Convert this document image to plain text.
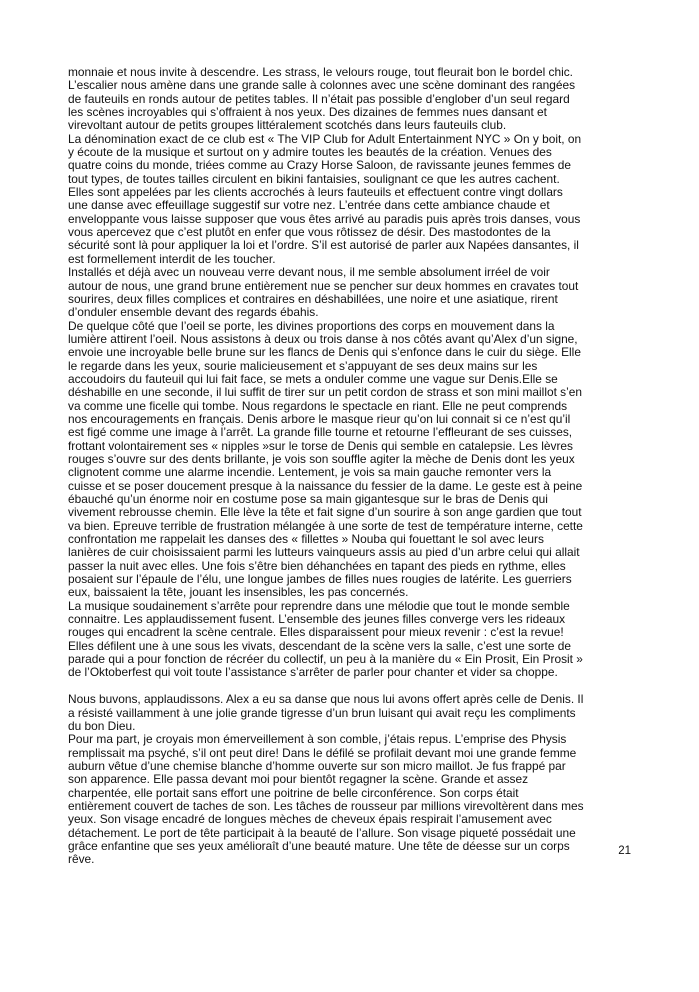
monnaie et nous invite à descendre. Les strass, le velours rouge, tout fleurait bon le bordel chic.

L’escalier nous amène dans une grande salle à colonnes avec une scène dominant des rangées

de fauteuils en ronds autour de petites tables. Il n’était pas possible d’englober d’un seul regard

les scènes incroyables qui s’offraient à nos yeux. Des dizaines de femmes nues dansant et

virevoltant autour de petits groupes littéralement scotchés dans leurs fauteuils club.

La dénomination exact de ce club est « The VIP Club for Adult Entertainment NYC » On y boit, on

y écoute de la musique et surtout on y admire toutes les beautés de la création. Venues des

quatre coins du monde, triées comme au Crazy Horse Saloon, de ravissante jeunes femmes de

tout types, de toutes tailles circulent en bikini fantaisies, soulignant ce que les autres cachent.

Elles sont appelées par les clients accrochés à leurs fauteuils et effectuent contre vingt dollars

une danse avec effeuillage suggestif sur votre nez. L’entrée dans cette ambiance chaude et

enveloppante vous laisse supposer que vous êtes arrivé au paradis puis après trois danses, vous

vous apercevez que c’est plutôt en enfer que vous rôtissez de désir. Des mastodontes de la

sécurité sont là pour appliquer la loi et l’ordre. S’il est autorisé de parler aux Napées dansantes, il

est formellement interdit de les toucher.

Installés et déjà avec un nouveau verre devant nous, il me semble absolument irréel de voir

autour de nous, une grand brune entièrement nue se pencher sur deux hommes en cravates tout

sourires, deux filles complices et contraires en déshabillées, une noire et une asiatique, rirent

d’onduler ensemble devant des regards ébahis.

De quelque côté que l’oeil se porte, les divines proportions des corps en mouvement dans la

lumière attirent l’oeil. Nous assistons à deux ou trois danse à nos côtés avant qu’Alex d’un signe,

envoie une incroyable belle brune sur les flancs de Denis qui s’enfonce dans le cuir du siège. Elle

le regarde dans les yeux, sourie malicieusement et s’appuyant de ses deux mains sur les

accoudoirs du fauteuil qui lui fait face, se mets a onduler comme une vague sur Denis.Elle se

déshabille en une seconde, il lui suffit de tirer sur un petit cordon de strass et son mini maillot s’en

va comme une ficelle qui tombe. Nous regardons le spectacle en riant. Elle ne peut comprends

nos encouragements en français. Denis arbore le masque rieur qu’on lui connait si ce n’est qu’il

est figé comme une image à l’arrêt. La grande fille tourne et retourne l’effleurant de ses cuisses,

frottant volontairement ses « nipples »sur le torse de Denis qui semble en catalepsie. Les lèvres

rouges s’ouvre sur des dents brillante, je vois son souffle agiter la mèche de Denis dont les yeux

clignotent comme une alarme incendie. Lentement, je vois sa main gauche remonter vers la

cuisse et se poser doucement presque à la naissance du fessier de la dame. Le geste est à peine

ébauché qu’un énorme noir en costume pose sa main gigantesque sur le bras de Denis qui

vivement rebrousse chemin. Elle lève la tête et fait signe d’un sourire à son ange gardien que tout

va bien. Epreuve terrible de frustration mélangée à une sorte de test de température interne, cette

confrontation me rappelait les danses des « fillettes » Nouba qui fouettant le sol avec leurs

lanières de cuir choisissaient parmi les lutteurs vainqueurs assis au pied d’un arbre celui qui allait

passer la nuit avec elles. Une fois s’être bien déhanchées en tapant des pieds en rythme, elles

posaient sur l’épaule de l’élu, une longue jambes de filles nues rougies de latérite. Les guerriers

eux, baissaient la tête, jouant les insensibles, les pas concernés.

La musique soudainement s’arrête pour reprendre dans une mélodie que tout le monde semble

connaitre. Les applaudissement fusent. L’ensemble des jeunes filles converge vers les rideaux

rouges qui encadrent la scène centrale. Elles disparaissent pour mieux revenir : c’est la revue!

Elles défilent une à une sous les vivats, descendant de la scène vers la salle, c’est une sorte de

parade qui a pour fonction de récréer du collectif, un peu à la manière du « Ein Prosit, Ein Prosit »

de l’Oktoberfest qui voit toute l’assistance s’arrêter de parler pour chanter et vider sa choppe.

Nous buvons, applaudissons. Alex a eu sa danse que nous lui avons offert après celle de Denis. Il

a résisté vaillamment à une jolie grande tigresse d’un brun luisant qui avait reçu les compliments

du bon Dieu.

Pour ma part, je croyais mon émerveillement à son comble, j’étais repus. L’emprise des Physis

remplissait ma psyché, s’il ont peut dire! Dans le défilé se profilait devant moi une grande femme

auburn vêtue d’une chemise blanche d’homme ouverte sur son micro maillot. Je fus frappé par

son apparence. Elle passa devant moi pour bientôt regagner la scène. Grande et assez

charpentée, elle portait sans effort une poitrine de belle circonférence. Son corps était

entièrement couvert de taches de son. Les tâches de rousseur par millions virevoltèrent dans mes

yeux. Son visage encadré de longues mèches de cheveux épais respirait l’amusement avec

détachement. Le port de tête participait à la beauté de l’allure. Son visage piqueté possédait une

grâce enfantine que ses yeux amélioraît d’une beauté mature. Une tête de déesse sur un corps

rêve.

21
